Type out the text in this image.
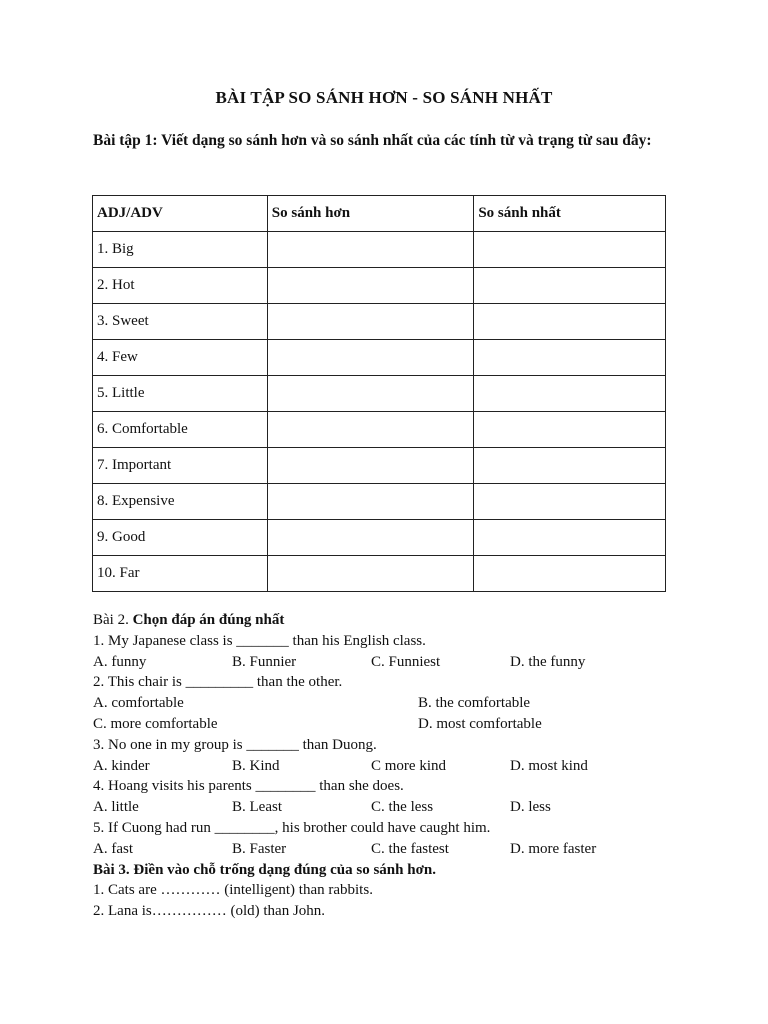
BÀI TẬP SO SÁNH HƠN - SO SÁNH NHẤT
Bài tập 1: Viết dạng so sánh hơn và so sánh nhất của các tính từ và trạng từ sau đây:
ADJ/ADV	So sánh hơn	So sánh nhất
1. Big		
2. Hot		
3. Sweet		
4. Few		
5. Little		
6. Comfortable		
7. Important		
8. Expensive		
9. Good		
10. Far		
Bài 2. Chọn đáp án đúng nhất
1. My Japanese class is _______ than his English class.
A. funny	B. Funnier	C. Funniest	D. the funny
2. This chair is _________ than the other.
A. comfortable	B. the comfortable
C. more comfortable	D. most comfortable
3. No one in my group is _______ than Duong.
A. kinder	B. Kind	C more kind	D. most kind
4. Hoang visits his parents ________ than she does.
A. little	B. Least	C. the less	D. less
5. If Cuong had run ________, his brother could have caught him.
A. fast	B. Faster	C. the fastest	D. more faster
Bài 3. Điền vào chỗ trống dạng đúng của so sánh hơn.
1. Cats are ………… (intelligent) than rabbits.
2. Lana is…………… (old) than John.
